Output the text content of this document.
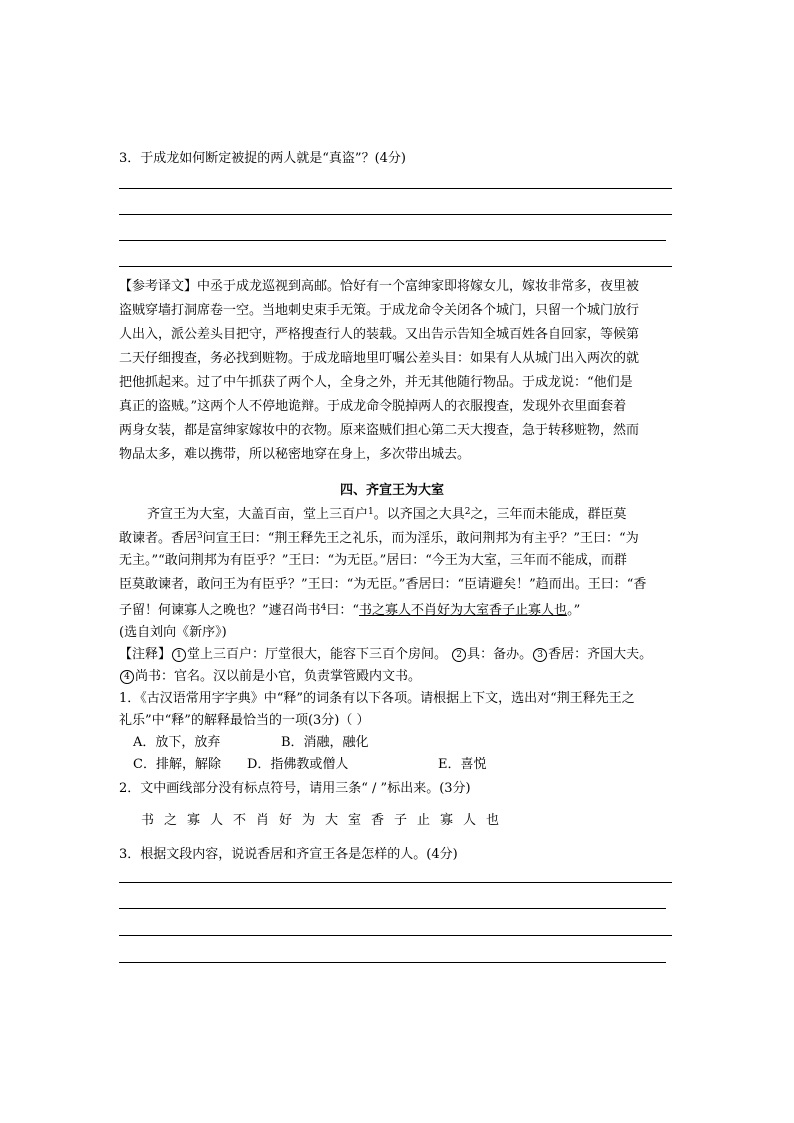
3．于成龙如何断定被捉的两人就是“真盗”？(4分)
【参考译文】中丞于成龙巡视到高邮。恰好有一个富绅家即将嫁女儿，嫁妆非常多，夜里被
盗贼穿墙打洞席卷一空。当地刺史束手无策。于成龙命令关闭各个城门，只留一个城门放行
人出入，派公差头目把守，严格搜查行人的装载。又出告示告知全城百姓各自回家，等候第
二天仔细搜查，务必找到赃物。于成龙暗地里叮嘱公差头目：如果有人从城门出入两次的就
把他抓起来。过了中午抓获了两个人，全身之外，并无其他随行物品。于成龙说：“他们是
真正的盗贼。”这两个人不停地诡辩。于成龙命令脱掉两人的衣服搜查，发现外衣里面套着
两身女装，都是富绅家嫁妆中的衣物。原来盗贼们担心第二天大搜查，急于转移赃物，然而
物品太多，难以携带，所以秘密地穿在身上，多次带出城去。
四、齐宣王为大室
齐宣王为大室，大盖百亩，堂上三百户$^1$。以齐国之大具$^2$之，三年而未能成，群臣莫
敢谏者。香居$^3$问宣王曰：“荆王释先王之礼乐，而为淫乐，敢问荆邦为有主乎？”王曰：“为
无主。”“敢问荆邦为有臣乎？”王曰：“为无臣。”居曰：“今王为大室，三年而不能成，而群
臣莫敢谏者，敢问王为有臣乎？”王曰：“为无臣。”香居曰：“臣请避矣！”趋而出。王曰：“香
子留！何谏寡人之晚也？”遽召尚书$^4$曰：“书之寡人不肖好为大室香子止寡人也。”
(选自刘向《新序》)
【注释】 1 堂上三百户：厅堂很大，能容下三百个房间。 2 具：备办。 3 香居：齐国大夫。
4 尚书：官名。汉以前是小官，负责掌管殿内文书。
1．《古汉语常用字字典》中“释”的词条有以下各项。请根据上下文，选出对“荆王释先王之
礼乐”中“释”的解释最恰当的一项(3分)（ ）
A．放下，放弃	B．消融，融化
C．排解，解除 D．指佛教或僧人	E．喜悦
2．文中画线部分没有标点符号，请用三条“ / ”标出来。(3分)
书之寡人不肖好为大室香子止寡人也
3．根据文段内容，说说香居和齐宣王各是怎样的人。(4分)
